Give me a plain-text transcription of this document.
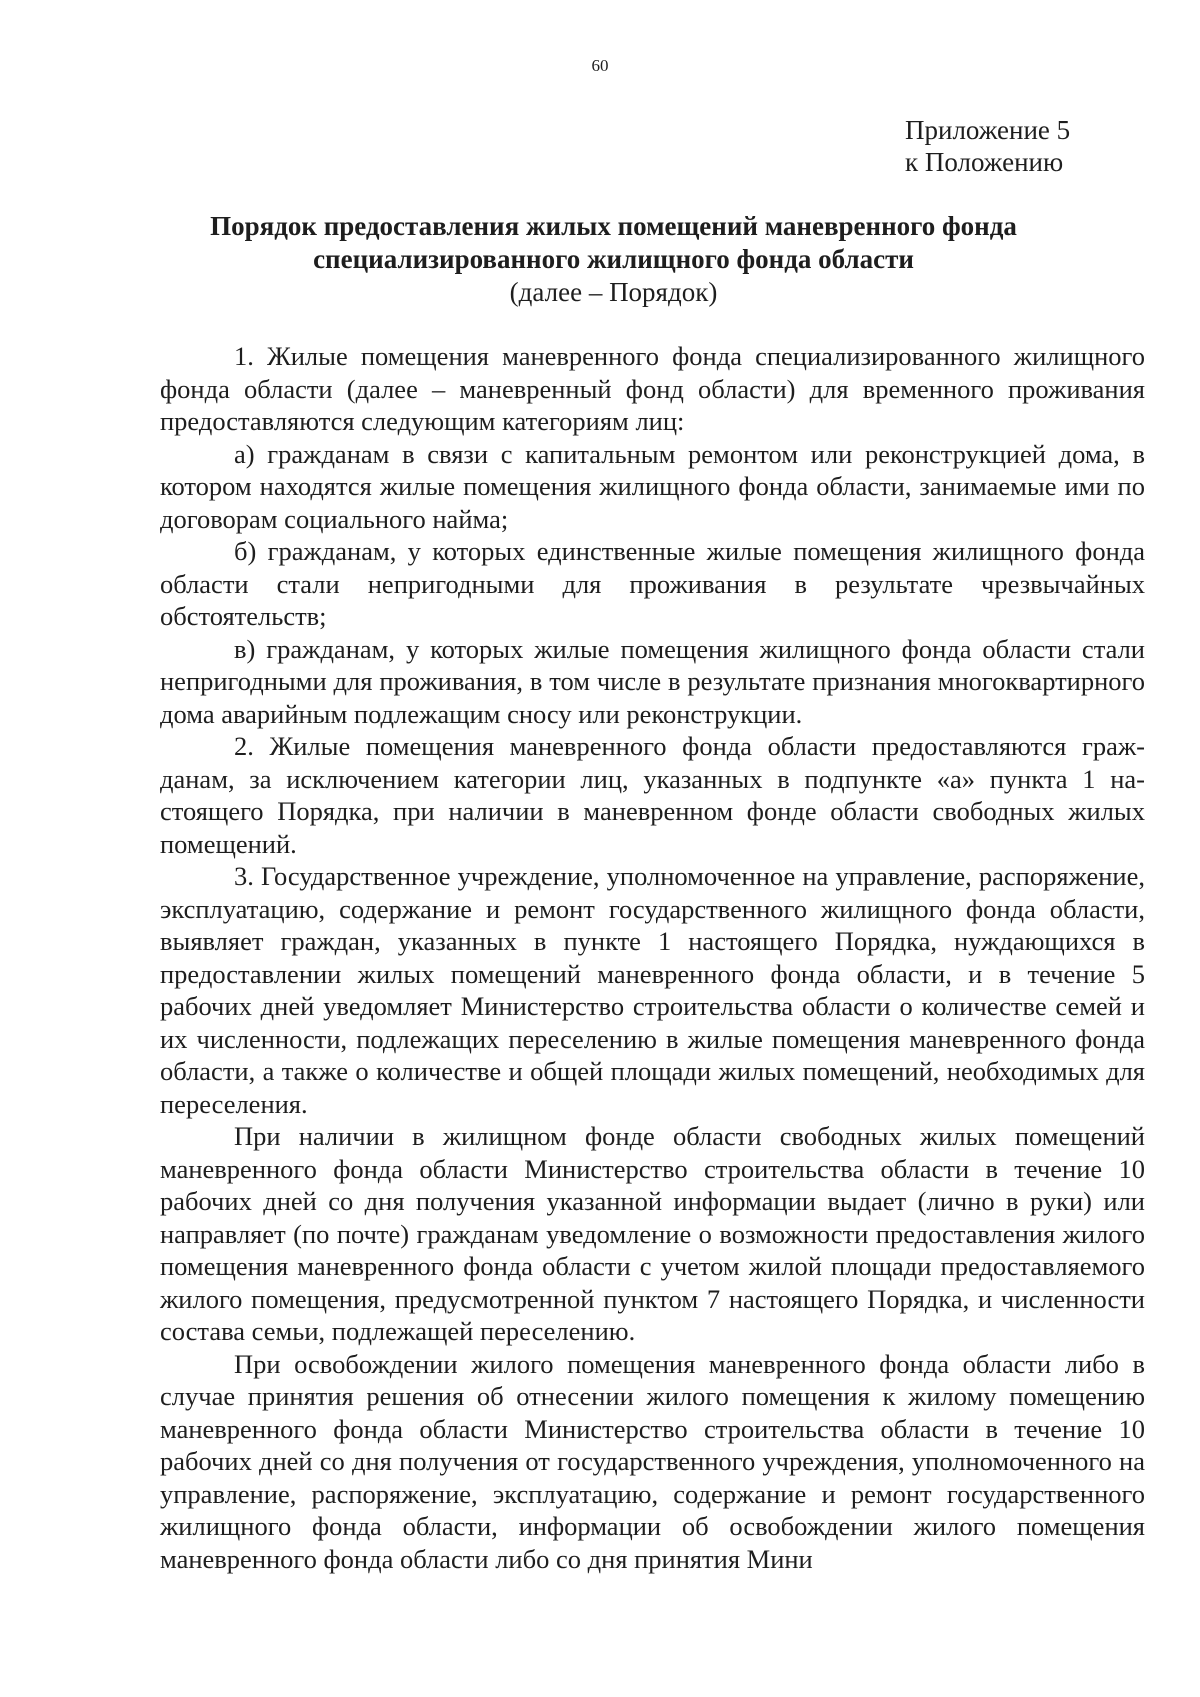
60
Приложение 5
к Положению
Порядок предоставления жилых помещений маневренного фонда
специализированного жилищного фонда области
(далее – Порядок)

1. Жилые помещения маневренного фонда специализированного жилищного фонда области (далее – маневренный фонд области) для временного проживания предоставляются следующим категориям лиц:

а) гражданам в связи с капитальным ремонтом или реконструкцией дома, в котором находятся жилые помещения жилищного фонда области, занимаемые ими по договорам социального найма;

б) гражданам, у которых единственные жилые помещения жилищного фонда области стали непригодными для проживания в результате чрезвычайных обстоятельств;

в) гражданам, у которых жилые помещения жилищного фонда области стали непригодными для проживания, в том числе в результате признания многоквартирного дома аварийным подлежащим сносу или реконструкции.

2. Жилые помещения маневренного фонда области предоставляются гражданам, за исключением категории лиц, указанных в подпункте «а» пункта 1 настоящего Порядка, при наличии в маневренном фонде области свободных жилых помещений.

3. Государственное учреждение, уполномоченное на управление, распоряжение, эксплуатацию, содержание и ремонт государственного жилищного фонда области, выявляет граждан, указанных в пункте 1 настоящего Порядка, нуждающихся в предоставлении жилых помещений маневренного фонда области, и в течение 5 рабочих дней уведомляет Министерство строительства области о количестве семей и их численности, подлежащих переселению в жилые помещения маневренного фонда области, а также о количестве и общей площади жилых помещений, необходимых для переселения.

При наличии в жилищном фонде области свободных жилых помещений маневренного фонда области Министерство строительства области в течение 10 рабочих дней со дня получения указанной информации выдает (лично в руки) или направляет (по почте) гражданам уведомление о возможности предоставления жилого помещения маневренного фонда области с учетом жилой площади предоставляемого жилого помещения, предусмотренной пунктом 7 настоящего Порядка, и численности состава семьи, подлежащей переселению.

При освобождении жилого помещения маневренного фонда области либо в случае принятия решения об отнесении жилого помещения к жилому помещению маневренного фонда области Министерство строительства области в течение 10 рабочих дней со дня получения от государственного учреждения, уполномоченного на управление, распоряжение, эксплуатацию, содержание и ремонт государственного жилищного фонда области, информации об освобождении жилого помещения маневренного фонда области либо со дня принятия Мини
